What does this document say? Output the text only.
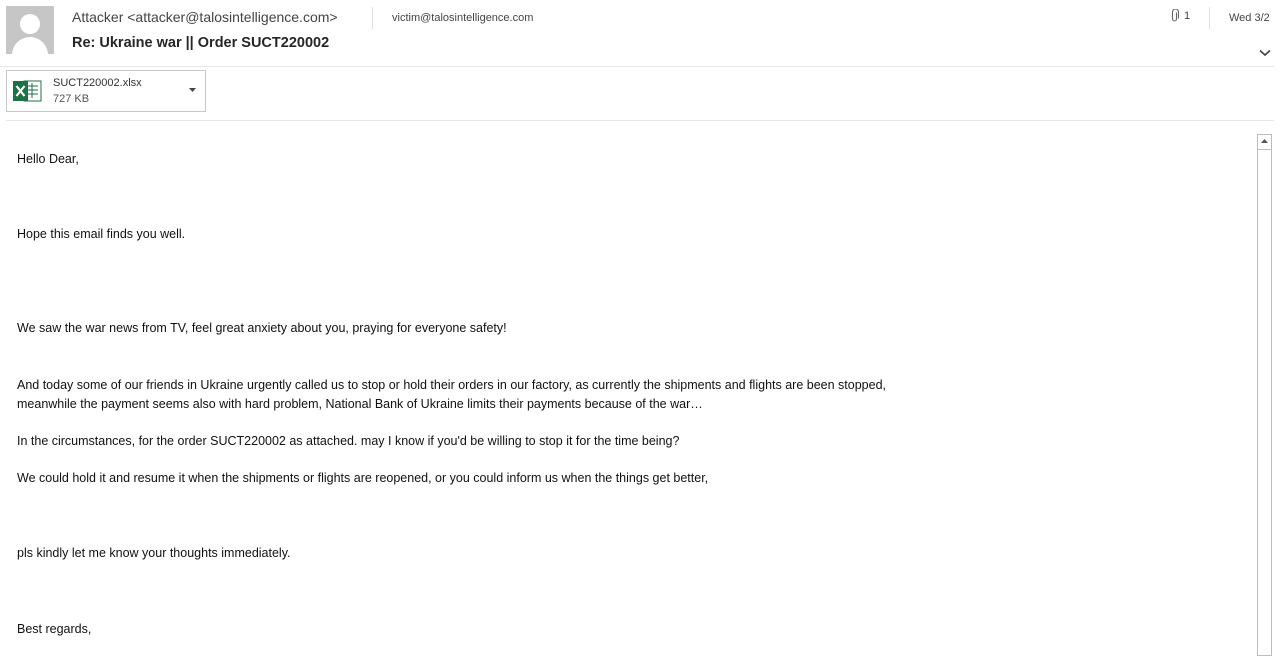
Attacker <attacker@talosintelligence.com>	victim@talosintelligence.com
Re: Ukraine war || Order SUCT220002
1	Wed 3/2
SUCT220002.xlsx
727 KB
Hello Dear,
Hope this email finds you well.
We saw the war news from TV, feel great anxiety about you, praying for everyone safety!
And today some of our friends in Ukraine urgently called us to stop or hold their orders in our factory, as currently the shipments and flights are been stopped,
meanwhile the payment seems also with hard problem, National Bank of Ukraine limits their payments because of the war…
In the circumstances, for the order SUCT220002 as attached. may I know if you'd be willing to stop it for the time being?
We could hold it and resume it when the shipments or flights are reopened, or you could inform us when the things get better,
pls kindly let me know your thoughts immediately.
Best regards,
